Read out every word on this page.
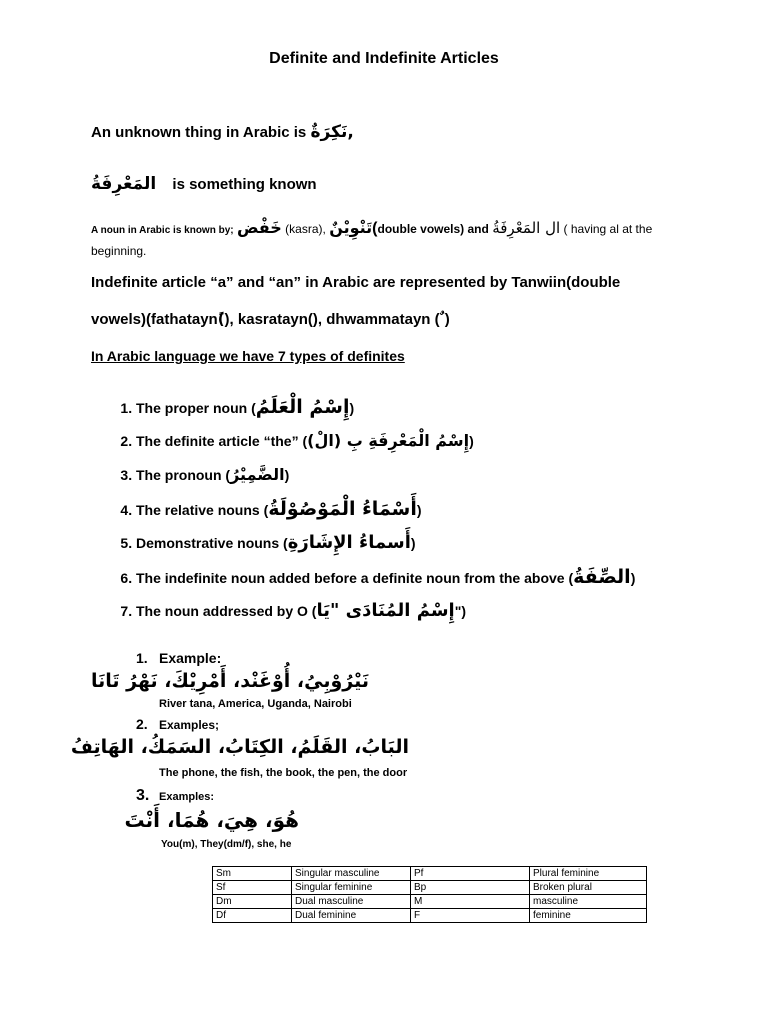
Definite and Indefinite Articles
An unknown thing in Arabic is نَكِرَةٌ,
المَعْرِفَةُ is something known
A noun in Arabic is known by; خَفْض (kasra), تَنْوِيْنٌ(double vowels) and ال المَعْرِفَةُ ( having al at the
beginning.
Indefinite article “a” and “an” in Arabic are represented by Tanwiin(double
vowels)(fathatayn(ً), kasratayn(), dhwammatayn ( ٌ)
In Arabic language we have 7 types of definites
1. The proper noun (إِسْمُ الْعَلَمُ)
2. The definite article “the” (إِسْمُ الْمَعْرِفَةِ بِ (الْ))
3. The pronoun (الضَّمِيْرُ)
4. The relative nouns (أَسْمَاءُ الْمَوْصُوْلَةُ)
5. Demonstrative nouns (أَسماءُ الإِشَارَةِ)
6. The indefinite noun added before a definite noun from the above (الصِّفَةُ)
7. The noun addressed by O (إِسْمُ المُنَادَى "يَا")
1. Example:
نَيْرُوْبِيُ، أُوْغَنْد، أَمْرِيْكَ، نَهْرُ تَانَا
River tana, America, Uganda, Nairobi
2. Examples;
البَابُ، القَلَمُ، الكِتَابُ، السَمَكُ، الهَاتِفُ
The phone, the fish, the book, the pen, the door
3. Examples:
هُوَ، هِيَ، هُمَا، أَنْتَ
You(m), They(dm/f), she, he
Sm	Singular masculine	Pf	Plural feminine
Sf	Singular feminine	Bp	Broken plural
Dm	Dual masculine	M	masculine
Df	Dual feminine	F	feminine
